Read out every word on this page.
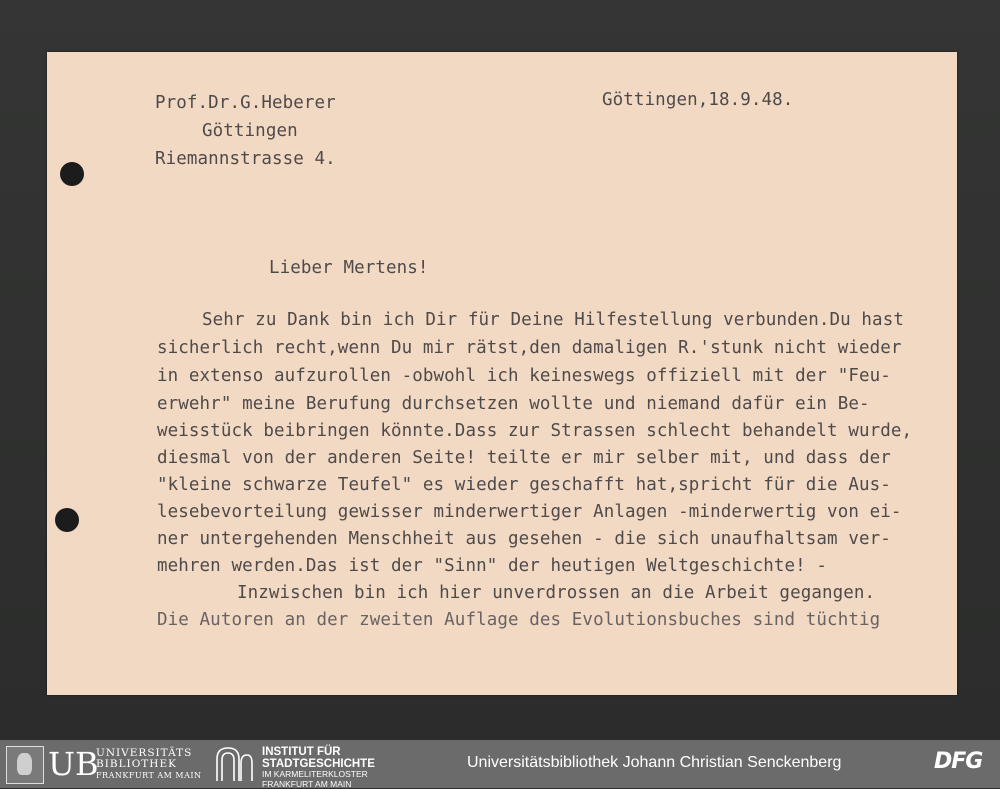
Prof.Dr.G.Heberer
Göttingen
Riemannstrasse 4.
Göttingen,18.9.48.
Lieber Mertens!
Sehr zu Dank bin ich Dir für Deine Hilfestellung verbunden.Du hast
sicherlich recht,wenn Du mir rätst,den damaligen R.'stunk nicht wieder
in extenso aufzurollen -obwohl ich keineswegs offiziell mit der "Feu-
erwehr" meine Berufung durchsetzen wollte und niemand dafür ein Be-
weisstück beibringen könnte.Dass zur Strassen schlecht behandelt wurde,
diesmal von der anderen Seite! teilte er mir selber mit, und dass der
"kleine schwarze Teufel" es wieder geschafft hat,spricht für die Aus-
lesebevorteilung gewisser minderwertiger Anlagen -minderwertig von ei-
ner untergehenden Menschheit aus gesehen - die sich unaufhaltsam ver-
mehren werden.Das ist der "Sinn" der heutigen Weltgeschichte! -
Inzwischen bin ich hier unverdrossen an die Arbeit gegangen.
Die Autoren an der zweiten Auflage des Evolutionsbuches sind tüchtig
UB
UNIVERSITÄTS
BIBLIOTHEK
FRANKFURT AM MAIN
INSTITUT FÜR
STADTGESCHICHTE
IM KARMELITERKLOSTER
FRANKFURT AM MAIN
Universitätsbibliothek Johann Christian Senckenberg	DFG
